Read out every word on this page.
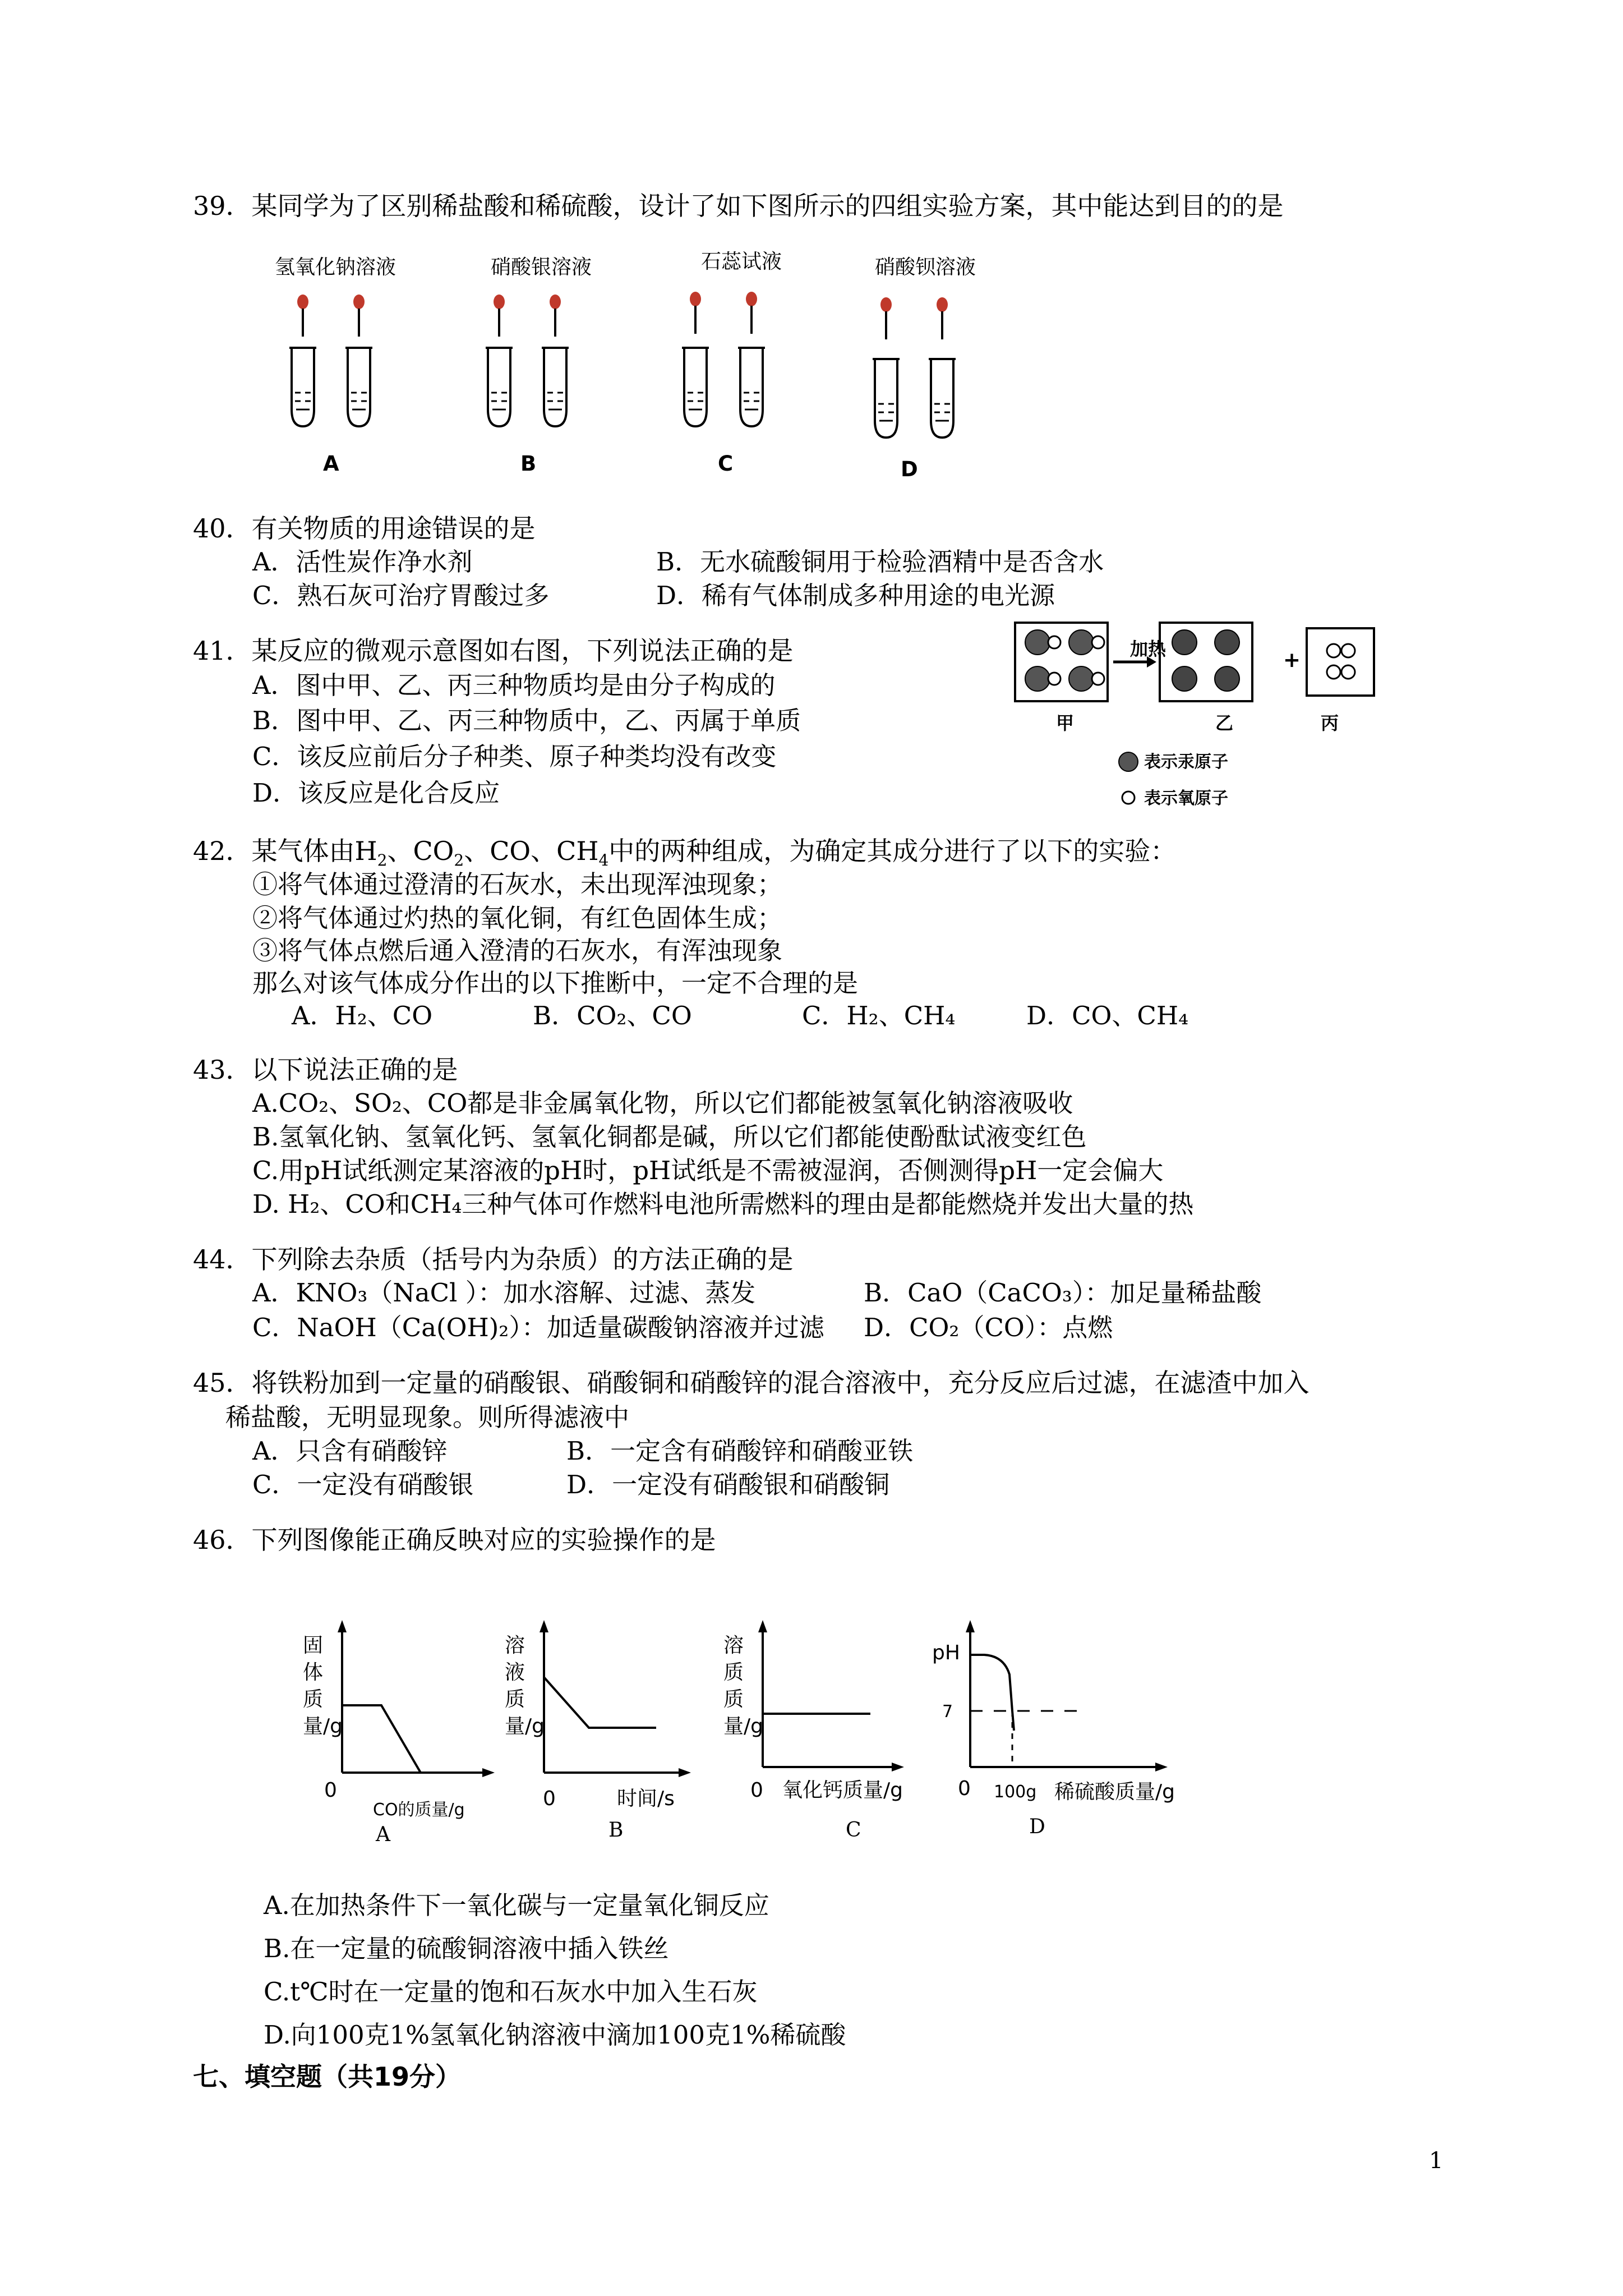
39．某同学为了区别稀盐酸和稀硫酸，设计了如下图所示的四组实验方案，其中能达到目的的是
氢氧化钠溶液	硝酸银溶液	石蕊试液	硝酸钡溶液
A	B	C	D
40．有关物质的用途错误的是
A．活性炭作净水剂	B．无水硫酸铜用于检验酒精中是否含水
C．熟石灰可治疗胃酸过多	D．稀有气体制成多种用途的电光源
41．某反应的微观示意图如右图，下列说法正确的是
A．图中甲、乙、丙三种物质均是由分子构成的
B．图中甲、乙、丙三种物质中，乙、丙属于单质
C．该反应前后分子种类、原子种类均没有改变
D．该反应是化合反应
加热	+
甲	乙	丙
表示汞原子
表示氧原子
42．某气体由$H_2$、$CO_2$、CO、$CH_4$中的两种组成，为确定其成分进行了以下的实验：
①将气体通过澄清的石灰水，未出现浑浊现象；
②将气体通过灼热的氧化铜，有红色固体生成；
③将气体点燃后通入澄清的石灰水，有浑浊现象
那么对该气体成分作出的以下推断中，一定不合理的是
A．H₂、CO	B．CO₂、CO	C．H₂、CH₄	D．CO、CH₄
43．以下说法正确的是
A.CO₂、SO₂、CO都是非金属氧化物，所以它们都能被氢氧化钠溶液吸收
B.氢氧化钠、氢氧化钙、氢氧化铜都是碱，所以它们都能使酚酞试液变红色
C.用pH试纸测定某溶液的pH时，pH试纸是不需被湿润，否侧测得pH一定会偏大
D. H₂、CO和CH₄三种气体可作燃料电池所需燃料的理由是都能燃烧并发出大量的热
44．下列除去杂质（括号内为杂质）的方法正确的是
A．KNO₃（NaCl ）：加水溶解、过滤、蒸发	B．CaO（CaCO₃）：加足量稀盐酸
C．NaOH（Ca(OH)₂）：加适量碳酸钠溶液并过滤 D．CO₂（CO）：点燃
45．将铁粉加到一定量的硝酸银、硝酸铜和硝酸锌的混合溶液中，充分反应后过滤，在滤渣中加入
稀盐酸，无明显现象。则所得滤液中
A．只含有硝酸锌	B．一定含有硝酸锌和硝酸亚铁
C．一定没有硝酸银	D．一定没有硝酸银和硝酸铜
46．下列图像能正确反映对应的实验操作的是
固体质量/g
0
CO的质量/g
A
溶液质量/g
0	时间/s
B
溶质质量/g
0 氧化钙质量/g
C
pH
7
0 100g 稀硫酸质量/g
D
A.在加热条件下一氧化碳与一定量氧化铜反应
B.在一定量的硫酸铜溶液中插入铁丝
C.t℃时在一定量的饱和石灰水中加入生石灰
D.向100克1%氢氧化钠溶液中滴加100克1%稀硫酸
七、填空题（共19分）
1
